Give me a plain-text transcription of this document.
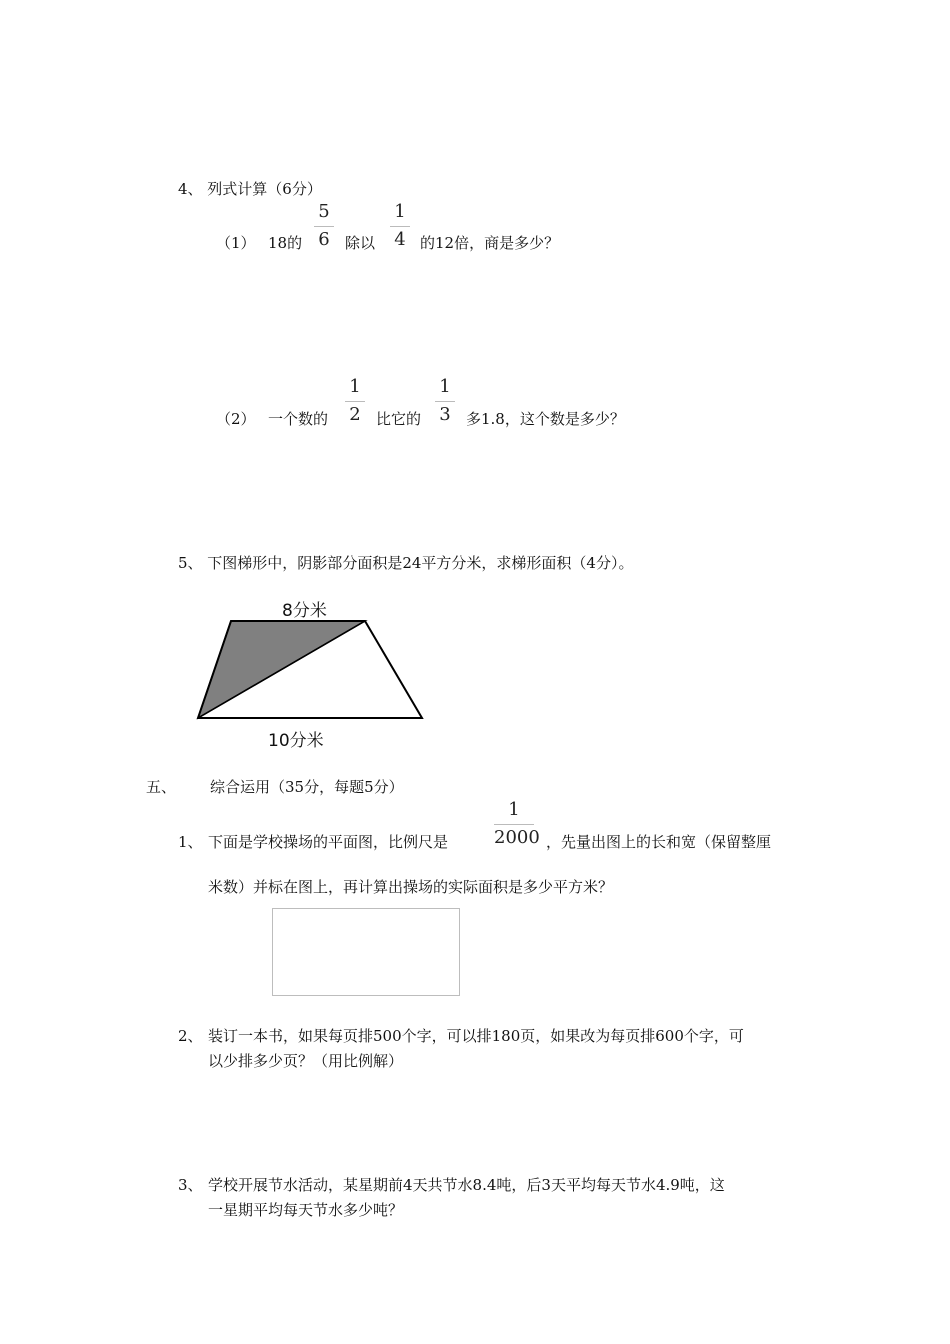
4、 列式计算（6分）
（1） 18的
5
6 除以
1
4 的12倍，商是多少？
（2） 一个数的
1
2 比它的
1
3 多1.8，这个数是多少？
5、 下图梯形中，阴影部分面积是24平方分米，求梯形面积（4分）。
8分米
10分米
五、 综合运用（35分，每题5分）
1、 下面是学校操场的平面图，比例尺是
1
2000 ，先量出图上的长和宽（保留整厘
米数）并标在图上，再计算出操场的实际面积是多少平方米？
2、 装订一本书，如果每页排500个字，可以排180页，如果改为每页排600个字，可
以少排多少页？（用比例解）
3、 学校开展节水活动，某星期前4天共节水8.4吨，后3天平均每天节水4.9吨，这
一星期平均每天节水多少吨？
